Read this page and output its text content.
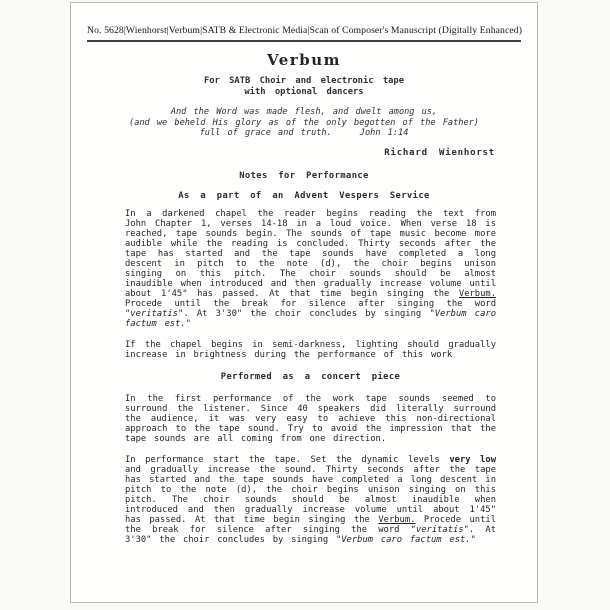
No. 5628|Wienhorst|Verbum|SATB & Electronic Media|Scan of Composer's Manuscript (Digitally Enhanced)
Verbum
For SATB Choir and electronic tape
with optional dancers
And the Word was made flesh, and dwelt among us,
(and we beheld His glory as of the only begotten of the Father)
full of grace and truth.	John 1:14
Richard Wienhorst
Notes for Performance
As a part of an Advent Vespers Service

In a darkened chapel the reader begins reading the text from John Chapter 1, verses 14-18 in a loud voice. When verse 18 is reached, tape sounds begin. The sounds of tape music become more audible while the reading is concluded. Thirty seconds after the tape has started and the tape sounds have completed a long descent in pitch to the note (d), the choir begins unison singing on this pitch. The choir sounds should be almost inaudible when introduced and then gradually increase volume until about 1'45" has passed. At that time begin singing the Verbum. Procede until the break for silence after singing the word "veritatis". At 3'30" the choir concludes by singing "Verbum caro factum est."

If the chapel begins in semi-darkness, lighting should gradually increase in brightness during the performance of this work

Performed as a concert piece

In the first performance of the work tape sounds seemed to surround the listener. Since 40 speakers did literally surround the audience, it was very easy to achieve this non-directional approach to the tape sound. Try to avoid the impression that the tape sounds are all coming from one direction.

In performance start the tape. Set the dynamic levels very low and gradually increase the sound. Thirty seconds after the tape has started and the tape sounds have completed a long descent in pitch to the note (d), the choir begins unison singing on this pitch. The choir sounds should be almost inaudible when introduced and then gradually increase volume until about 1'45" has passed. At that time begin singing the Verbum. Procede until the break for silence after singing the word "veritatis". At 3'30" the choir concludes by singing "Verbum caro factum est."
